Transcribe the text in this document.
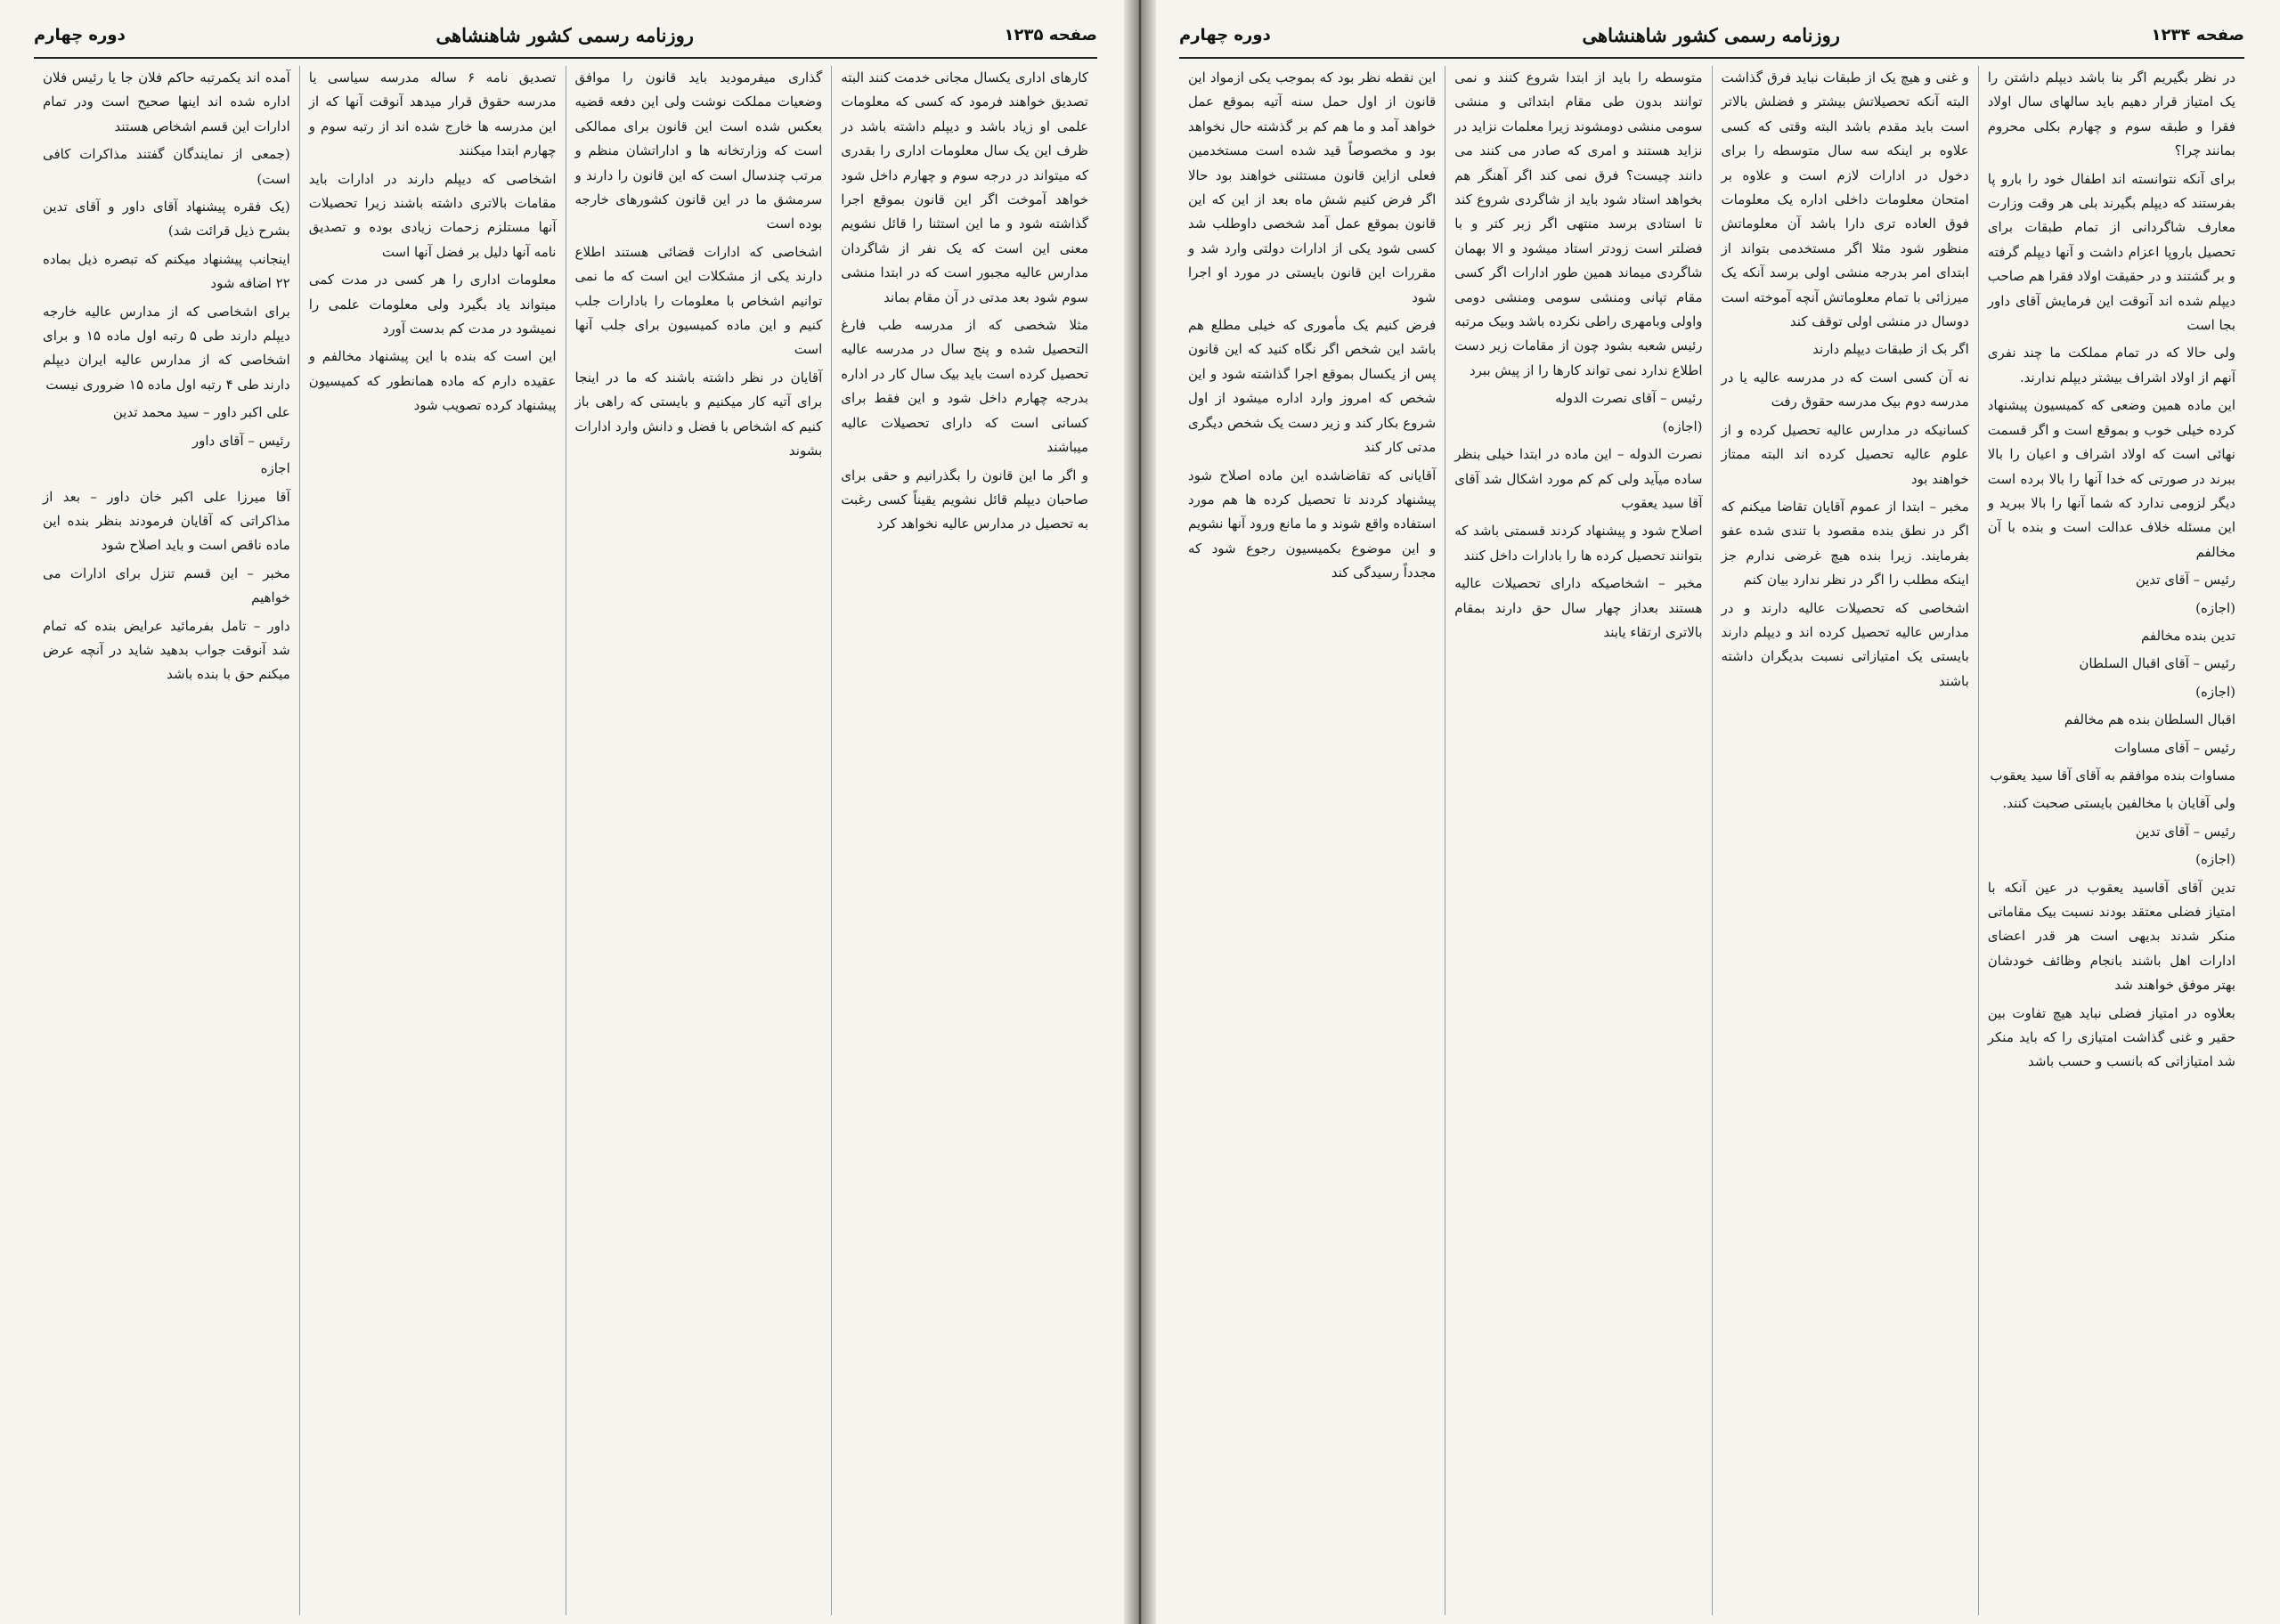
صفحه ۱۲۳۴
روزنامه رسمی کشور شاهنشاهی
دوره چهارم

در نظر بگیریم اگر بنا باشد دیپلم داشتن را یک امتیاز قرار دهیم باید سالهای سال اولاد فقرا و طبقه سوم و چهارم بکلی محروم بمانند چرا؟

برای آنکه نتوانسته اند اطفال خود را بارو پا بفرستند که دیپلم بگیرند بلی هر وقت وزارت معارف شاگردانی از تمام طبقات برای تحصیل باروپا اعزام داشت و آنها دیپلم گرفته و بر گشتند و در حقیقت اولاد فقرا هم صاحب دیپلم شده اند آنوقت این فرمایش آقای داور بجا است

ولی حالا که در تمام مملکت ما چند نفری آنهم از اولاد اشراف بیشتر دیپلم ندارند.

این ماده همین وضعی که کمیسیون پیشنهاد کرده خیلی خوب و بموقع است و اگر قسمت نهائی است که اولاد اشراف و اعیان را بالا ببرند در صورتی که خدا آنها را بالا برده است دیگر لزومی ندارد که شما آنها را بالا ببرید و این مسئله خلاف عدالت است و بنده با آن مخالفم

رئیس – آقای تدین

(اجازه)

تدین بنده مخالفم

رئیس – آقای اقبال السلطان

(اجازه)

اقبال السلطان بنده هم مخالفم

رئیس – آقای مساوات

مساوات بنده موافقم به آقای آقا سید یعقوب

ولی آقایان با مخالفین بایستی صحبت کنند.

رئیس – آقای تدین

(اجازه)

تدین آقای آقاسید یعقوب در عین آنکه با امتیاز فضلی معتقد بودند نسبت بیک مقاماتی منکر شدند بدیهی است هر قدر اعضای ادارات اهل باشند بانجام وظائف خودشان بهتر موفق خواهند شد

بعلاوه در امتیاز فضلی نباید هیچ تفاوت بین حقیر و غنی گذاشت امتیازی را که باید منکر شد امتیازاتی که بانسب و حسب باشد

و غنی و هیچ یک از طبقات نباید فرق گذاشت البته آنکه تحصیلاتش بیشتر و فضلش بالاتر است باید مقدم باشد البته وقتی که کسی علاوه بر اینکه سه سال متوسطه را برای دخول در ادارات لازم است و علاوه بر امتحان معلومات داخلی اداره یک معلومات فوق العاده تری دارا باشد آن معلوماتش منظور شود مثلا اگر مستخدمی بتواند از ابتدای امر بدرجه منشی اولی برسد آنکه یک میرزائی با تمام معلوماتش آنچه آموخته است دوسال در منشی اولی توقف کند

اگر بک از طبقات دیپلم دارند

نه آن کسی است که در مدرسه عالیه یا در مدرسه دوم بیک مدرسه حقوق رفت

کسانیکه در مدارس عالیه تحصیل کرده و از علوم عالیه تحصیل کرده اند البته ممتاز خواهند بود

مخبر – ابتدا از عموم آقایان تقاضا میکنم که اگر در نطق بنده مقصود با تندی شده عفو بفرمایند. زیرا بنده هیچ غرضی ندارم جز اینکه مطلب را اگر در نظر ندارد بیان کنم

اشخاصی که تحصیلات عالیه دارند و در مدارس عالیه تحصیل کرده اند و دیپلم دارند بایستی یک امتیازاتی نسبت بدیگران داشته باشند

متوسطه را باید از ابتدا شروع کنند و نمی توانند بدون طی مقام ابتدائی و منشی سومی منشی دومشوند زیرا معلمات نزاید در نزاید هستند و امری که صادر می کنند می دانند چیست؟ فرق نمی کند اگر آهنگر هم بخواهد استاد شود باید از شاگردی شروع کند تا استادی برسد منتهی اگر زبر کتر و با فضلتر است زودتر استاد میشود و الا بهمان شاگردی میماند همین طور ادارات اگر کسی مقام تپانی ومنشی سومی ومنشی دومی واولی وبامهری راطی نکرده باشد وبیک مرتبه رئیس شعبه بشود چون از مقامات زیر دست اطلاع ندارد نمی تواند کارها را از پیش ببرد

رئیس – آقای نصرت الدوله

(اجازه)

نصرت الدوله – این ماده در ابتدا خیلی بنظر ساده میآید ولی کم کم مورد اشکال شد آقای آقا سید یعقوب

اصلاح شود و پیشنهاد کردند قسمتی باشد که بتوانند تحصیل کرده ها را بادارات داخل کنند

مخبر – اشخاصیکه دارای تحصیلات عالیه هستند بعداز چهار سال حق دارند بمقام بالاتری ارتقاء یابند

این نقطه نظر بود که بموجب یکی ازمواد این قانون از اول حمل سنه آتیه بموقع عمل خواهد آمد و ما هم کم بر گذشته حال نخواهد بود و مخصوصاً قید شده است مستخدمین فعلی ازاین قانون مستثنی خواهند بود حالا اگر فرض کنیم شش ماه بعد از این که این قانون بموقع عمل آمد شخصی داوطلب شد کسی شود یکی از ادارات دولتی وارد شد و مقررات این قانون بایستی در مورد او اجرا شود

فرض کنیم یک مأموری که خیلی مطلع هم باشد این شخص اگر نگاه کنید که این قانون پس از یکسال بموقع اجرا گذاشته شود و این شخص که امروز وارد اداره میشود از اول شروع بکار کند و زیر دست یک شخص دیگری مدتی کار کند

آقایانی که تقاضاشده این ماده اصلاح شود پیشنهاد کردند تا تحصیل کرده ها هم مورد استفاده واقع شوند و ما مانع ورود آنها نشویم و این موضوع بکمیسیون رجوع شود که مجدداً رسیدگی کند

صفحه ۱۲۳۵
روزنامه رسمی کشور شاهنشاهی
دوره چهارم

کارهای اداری یکسال مجانی خدمت کنند البته تصدیق خواهند فرمود که کسی که معلومات علمی او زیاد باشد و دیپلم داشته باشد در ظرف این یک سال معلومات اداری را بقدری که میتواند در درجه سوم و چهارم داخل شود خواهد آموخت اگر این قانون بموقع اجرا گذاشته شود و ما این استثنا را قائل نشویم معنی این است که یک نفر از شاگردان مدارس عالیه مجبور است که در ابتدا منشی سوم شود بعد مدتی در آن مقام بماند

مثلا شخصی که از مدرسه طب فارغ التحصیل شده و پنج سال در مدرسه عالیه تحصیل کرده است باید بیک سال کار در اداره بدرجه چهارم داخل شود و این فقط برای کسانی است که دارای تحصیلات عالیه میباشند

و اگر ما این قانون را بگذرانیم و حقی برای صاحبان دیپلم قائل نشویم یقیناً کسی رغبت به تحصیل در مدارس عالیه نخواهد کرد

گذاری میفرمودید باید قانون را موافق وضعیات مملکت نوشت ولی این دفعه قضیه بعکس شده است این قانون برای ممالکی است که وزارتخانه ها و اداراتشان منظم و مرتب چندسال است که این قانون را دارند و سرمشق ما در این قانون کشورهای خارجه بوده است

اشخاصی که ادارات قضائی هستند اطلاع دارند یکی از مشکلات این است که ما نمی توانیم اشخاص با معلومات را بادارات جلب کنیم و این ماده کمیسیون برای جلب آنها است

آقایان در نظر داشته باشند که ما در اینجا برای آتیه کار میکنیم و بایستی که راهی باز کنیم که اشخاص با فضل و دانش وارد ادارات بشوند

تصدیق نامه ۶ ساله مدرسه سیاسی یا مدرسه حقوق قرار میدهد آنوقت آنها که از این مدرسه ها خارج شده اند از رتبه سوم و چهارم ابتدا میکنند

اشخاصی که دیپلم دارند در ادارات باید مقامات بالاتری داشته باشند زیرا تحصیلات آنها مستلزم زحمات زیادی بوده و تصدیق نامه آنها دلیل بر فضل آنها است

معلومات اداری را هر کسی در مدت کمی میتواند یاد بگیرد ولی معلومات علمی را نمیشود در مدت کم بدست آورد

این است که بنده با این پیشنهاد مخالفم و عقیده دارم که ماده همانطور که کمیسیون پیشنهاد کرده تصویب شود

آمده اند یکمرتبه حاکم فلان جا یا رئیس فلان اداره شده اند اینها صحیح است ودر تمام ادارات این قسم اشخاص هستند

(جمعی از نمایندگان گفتند مذاکرات کافی است)

(یک فقره پیشنهاد آقای داور و آقای تدین بشرح ذیل قرائت شد)

اینجانب پیشنهاد میکنم که تبصره ذیل بماده ۲۲ اضافه شود

برای اشخاصی که از مدارس عالیه خارجه دیپلم دارند طی ۵ رتبه اول ماده ۱۵ و برای اشخاصی که از مدارس عالیه ایران دیپلم دارند طی ۴ رتبه اول ماده ۱۵ ضروری نیست

علی اکبر داور – سید محمد تدین

رئیس – آقای داور

اجازه

آقا میرزا علی اکبر خان داور – بعد از مذاکراتی که آقایان فرمودند بنظر بنده این ماده ناقص است و باید اصلاح شود

مخبر – این قسم تنزل برای ادارات می خواهیم

داور – تامل بفرمائید عرایض بنده که تمام شد آنوقت جواب بدهید شاید در آنچه عرض میکنم حق با بنده باشد
